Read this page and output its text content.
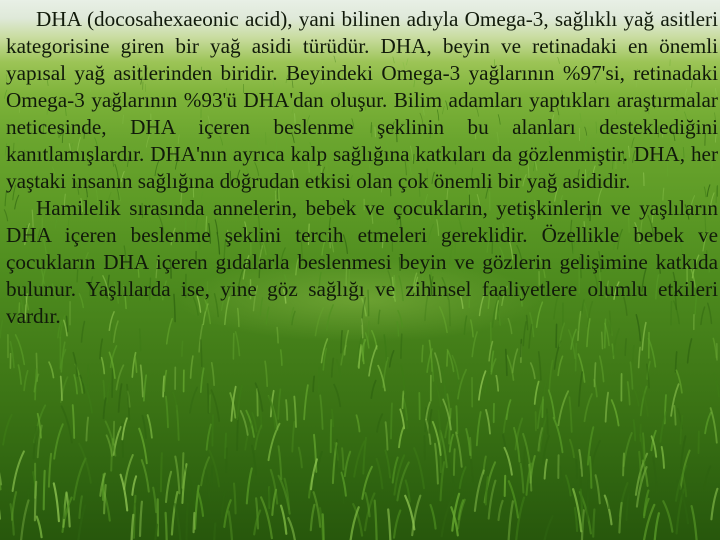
DHA (docosahexaeonic acid), yani bilinen adıyla Omega-3, sağlıklı yağ asitleri kategorisine giren bir yağ asidi türüdür. DHA, beyin ve retinadaki en önemli yapısal yağ asitlerinden biridir. Beyindeki Omega-3 yağlarının %97'si, retinadaki Omega-3 yağlarının %93'ü DHA'dan oluşur. Bilim adamları yaptıkları araştırmalar neticesinde, DHA içeren beslenme şeklinin bu alanları desteklediğini kanıtlamışlardır. DHA'nın ayrıca kalp sağlığına katkıları da gözlenmiştir. DHA, her yaştaki insanın sağlığına doğrudan etkisi olan çok önemli bir yağ asididir.

Hamilelik sırasında annelerin, bebek ve çocukların, yetişkinlerin ve yaşlıların DHA içeren beslenme şeklini tercih etmeleri gereklidir. Özellikle bebek ve çocukların DHA içeren gıdalarla beslenmesi beyin ve gözlerin gelişimine katkıda bulunur. Yaşlılarda ise, yine göz sağlığı ve zihinsel faaliyetlere olumlu etkileri vardır.
